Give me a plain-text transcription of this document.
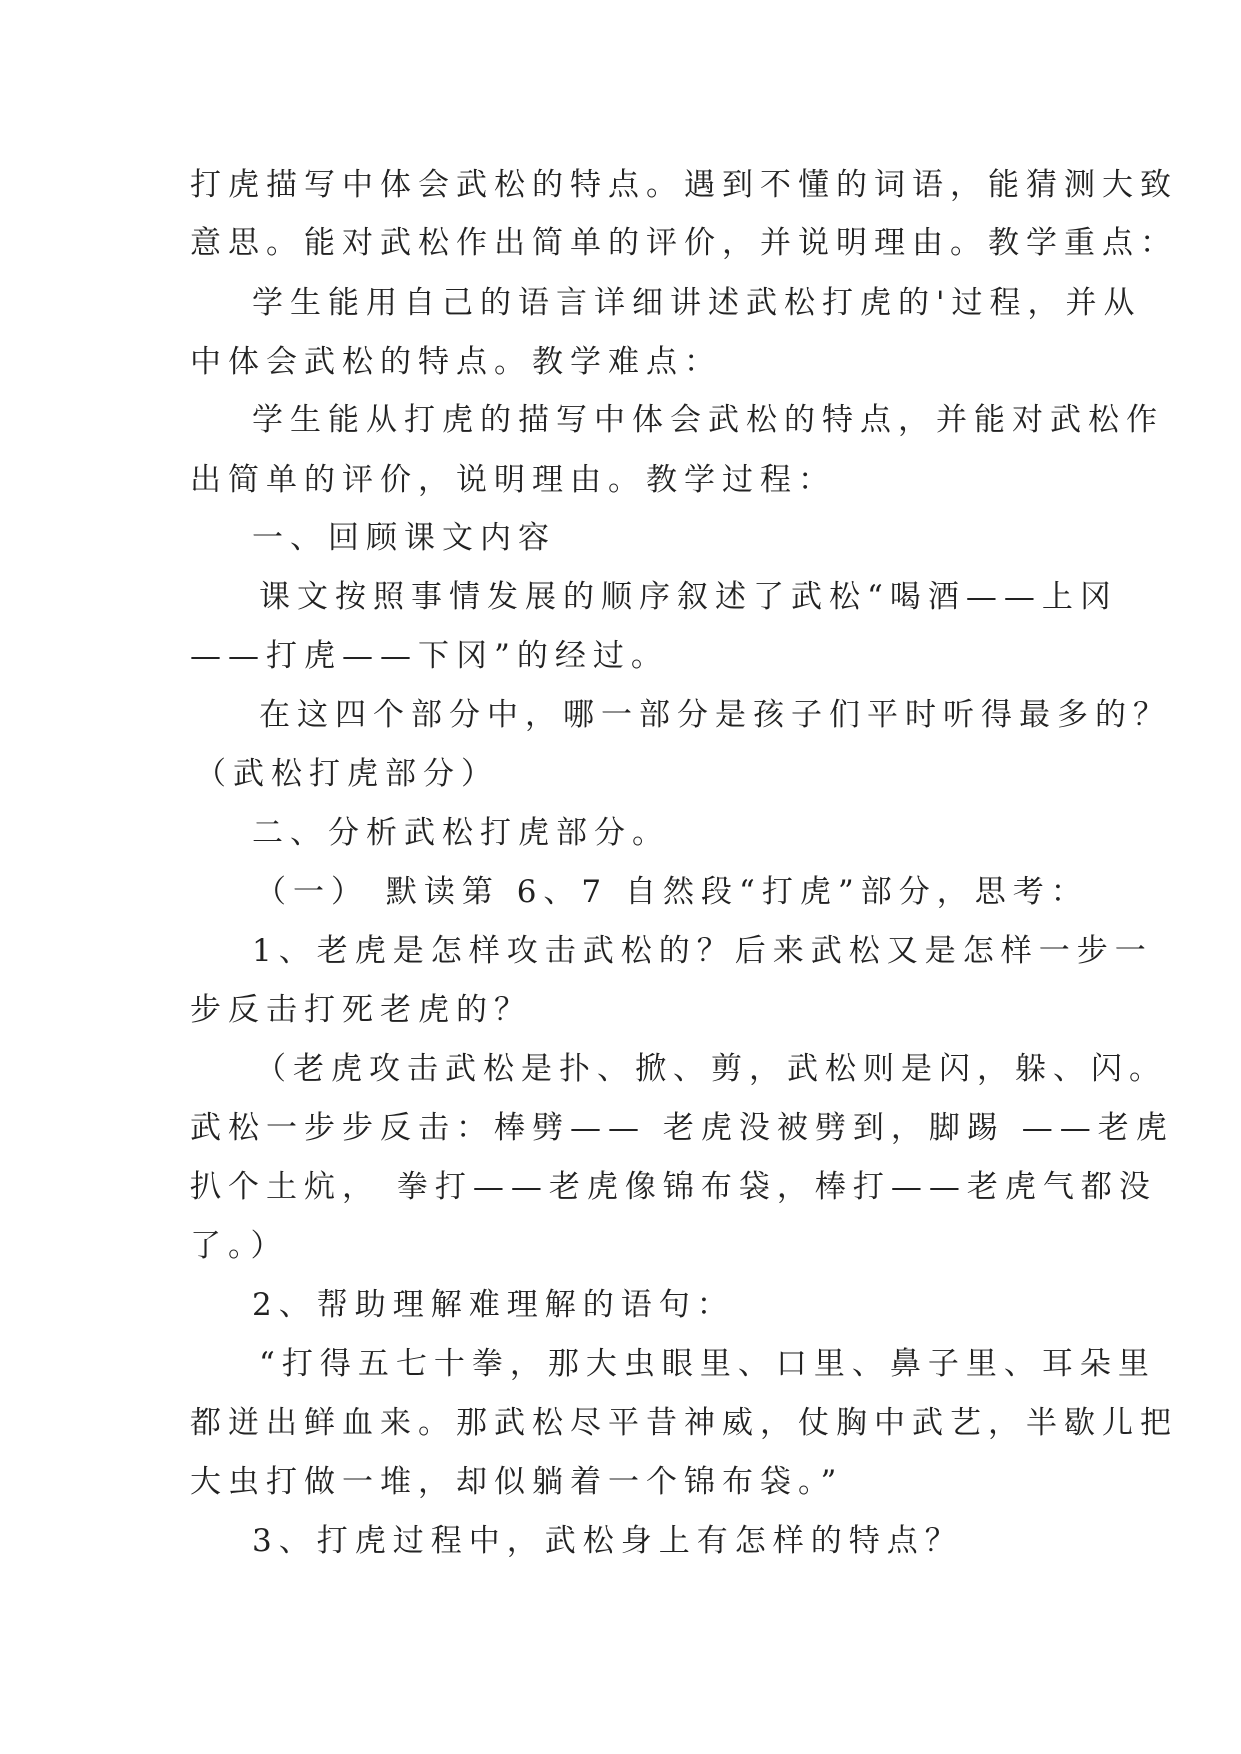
打虎描写中体会武松的特点。遇到不懂的词语，能猜测大致
意思。能对武松作出简单的评价，并说明理由。教学重点：
学生能用自己的语言详细讲述武松打虎的'过程，并从
中体会武松的特点。教学难点：
学生能从打虎的描写中体会武松的特点，并能对武松作
出简单的评价，说明理由。教学过程：
一、回顾课文内容
课文按照事情发展的顺序叙述了武松“喝酒——上冈
——打虎——下冈”的经过。
在这四个部分中，哪一部分是孩子们平时听得最多的？
（武松打虎部分）
二、分析武松打虎部分。
（一） 默读第 6、7 自然段“打虎”部分，思考：
1、老虎是怎样攻击武松的？后来武松又是怎样一步一
步反击打死老虎的？
（老虎攻击武松是扑、掀、剪，武松则是闪，躲、闪。
武松一步步反击：棒劈—— 老虎没被劈到，脚踢 ——老虎
扒个土炕， 拳打——老虎像锦布袋，棒打——老虎气都没
了。）
2、帮助理解难理解的语句：
“打得五七十拳，那大虫眼里、口里、鼻子里、耳朵里
都迸出鲜血来。那武松尽平昔神威，仗胸中武艺，半歇儿把
大虫打做一堆，却似躺着一个锦布袋。”
3、打虎过程中，武松身上有怎样的特点？
